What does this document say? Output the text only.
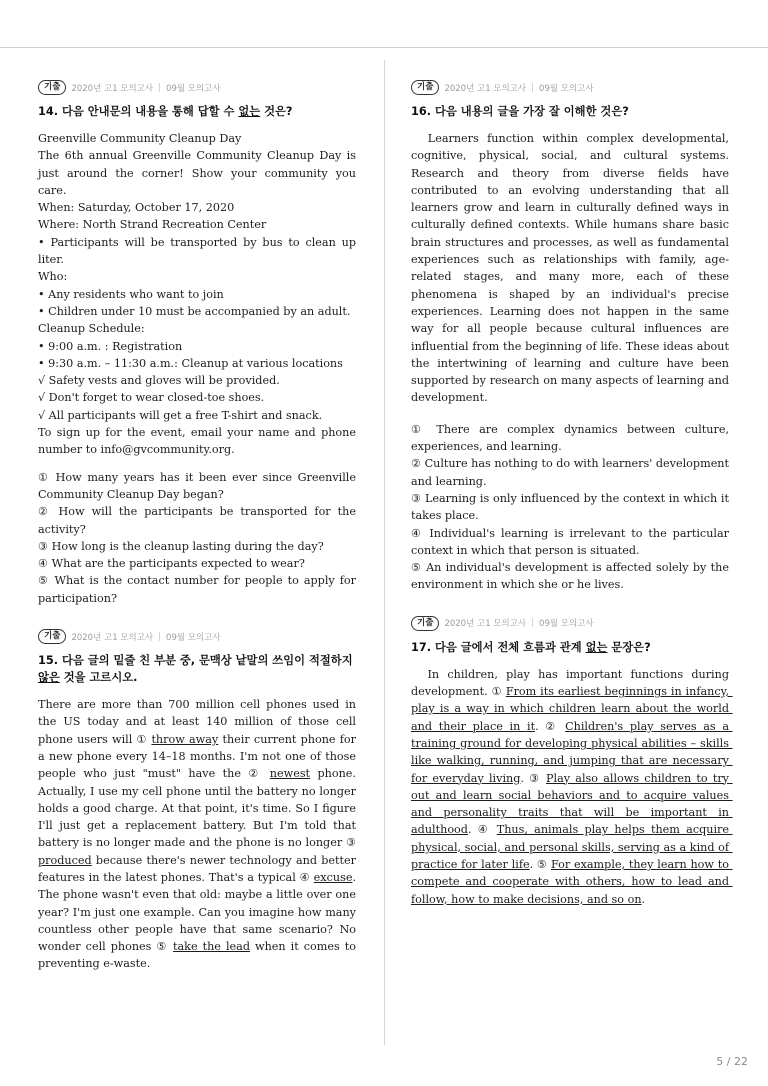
기출	2020년 고1 모의고사 | 09월 모의고사
14. 다음 안내문의 내용을 통해 답할 수 없는 것은?

Greenville Community Cleanup Day

The 6th annual Greenville Community Cleanup Day is just around the corner! Show your community you care.

When: Saturday, October 17, 2020

Where: North Strand Recreation Center

• Participants will be transported by bus to clean up liter.

Who:

• Any residents who want to join

• Children under 10 must be accompanied by an adult.

Cleanup Schedule:

• 9:00 a.m. : Registration

• 9:30 a.m. – 11:30 a.m.: Cleanup at various locations

√ Safety vests and gloves will be provided.

√ Don't forget to wear closed-toe shoes.

√ All participants will get a free T-shirt and snack.

To sign up for the event, email your name and phone number to info@gvcommunity.org.

① How many years has it been ever since Greenville Community Cleanup Day began?

② How will the participants be transported for the activity?

③ How long is the cleanup lasting during the day?

④ What are the participants expected to wear?

⑤ What is the contact number for people to apply for participation?

기출	2020년 고1 모의고사 | 09월 모의고사
15. 다음 글의 밑줄 친 부분 중, 문맥상 낱말의 쓰임이 적절하지 않은 것을 고르시오.
There are more than 700 million cell phones used in the US today and at least 140 million of those cell phone users will ① throw away their current phone for a new phone every 14–18 months. I'm not one of those people who just "must" have the ② newest phone. Actually, I use my cell phone until the battery no longer holds a good charge. At that point, it's time. So I figure I'll just get a replacement battery. But I'm told that battery is no longer made and the phone is no longer ③ produced because there's newer technology and better features in the latest phones. That's a typical ④ excuse. The phone wasn't even that old: maybe a little over one year? I'm just one example. Can you imagine how many countless other people have that same scenario? No wonder cell phones ⑤ take the lead when it comes to preventing e-waste.
기출	2020년 고1 모의고사 | 09월 모의고사
16. 다음 내용의 글을 가장 잘 이해한 것은?
Learners function within complex developmental, cognitive, physical, social, and cultural systems. Research and theory from diverse fields have contributed to an evolving understanding that all learners grow and learn in culturally defined ways in culturally defined contexts. While humans share basic brain structures and processes, as well as fundamental experiences such as relationships with family, age-related stages, and many more, each of these phenomena is shaped by an individual's precise experiences. Learning does not happen in the same way for all people because cultural influences are influential from the beginning of life. These ideas about the intertwining of learning and culture have been supported by research on many aspects of learning and development.

① There are complex dynamics between culture, experiences, and learning.

② Culture has nothing to do with learners' development and learning.

③ Learning is only influenced by the context in which it takes place.

④ Individual's learning is irrelevant to the particular context in which that person is situated.

⑤ An individual's development is affected solely by the environment in which she or he lives.

기출	2020년 고1 모의고사 | 09월 모의고사
17. 다음 글에서 전체 흐름과 관계 없는 문장은?
In children, play has important functions during development. ① From its earliest beginnings in infancy, play is a way in which children learn about the world and their place in it. ② Children's play serves as a training ground for developing physical abilities – skills like walking, running, and jumping that are necessary for everyday living. ③ Play also allows children to try out and learn social behaviors and to acquire values and personality traits that will be important in adulthood. ④ Thus, animals play helps them acquire physical, social, and personal skills, serving as a kind of practice for later life. ⑤ For example, they learn how to compete and cooperate with others, how to lead and follow, how to make decisions, and so on.
5 / 22
